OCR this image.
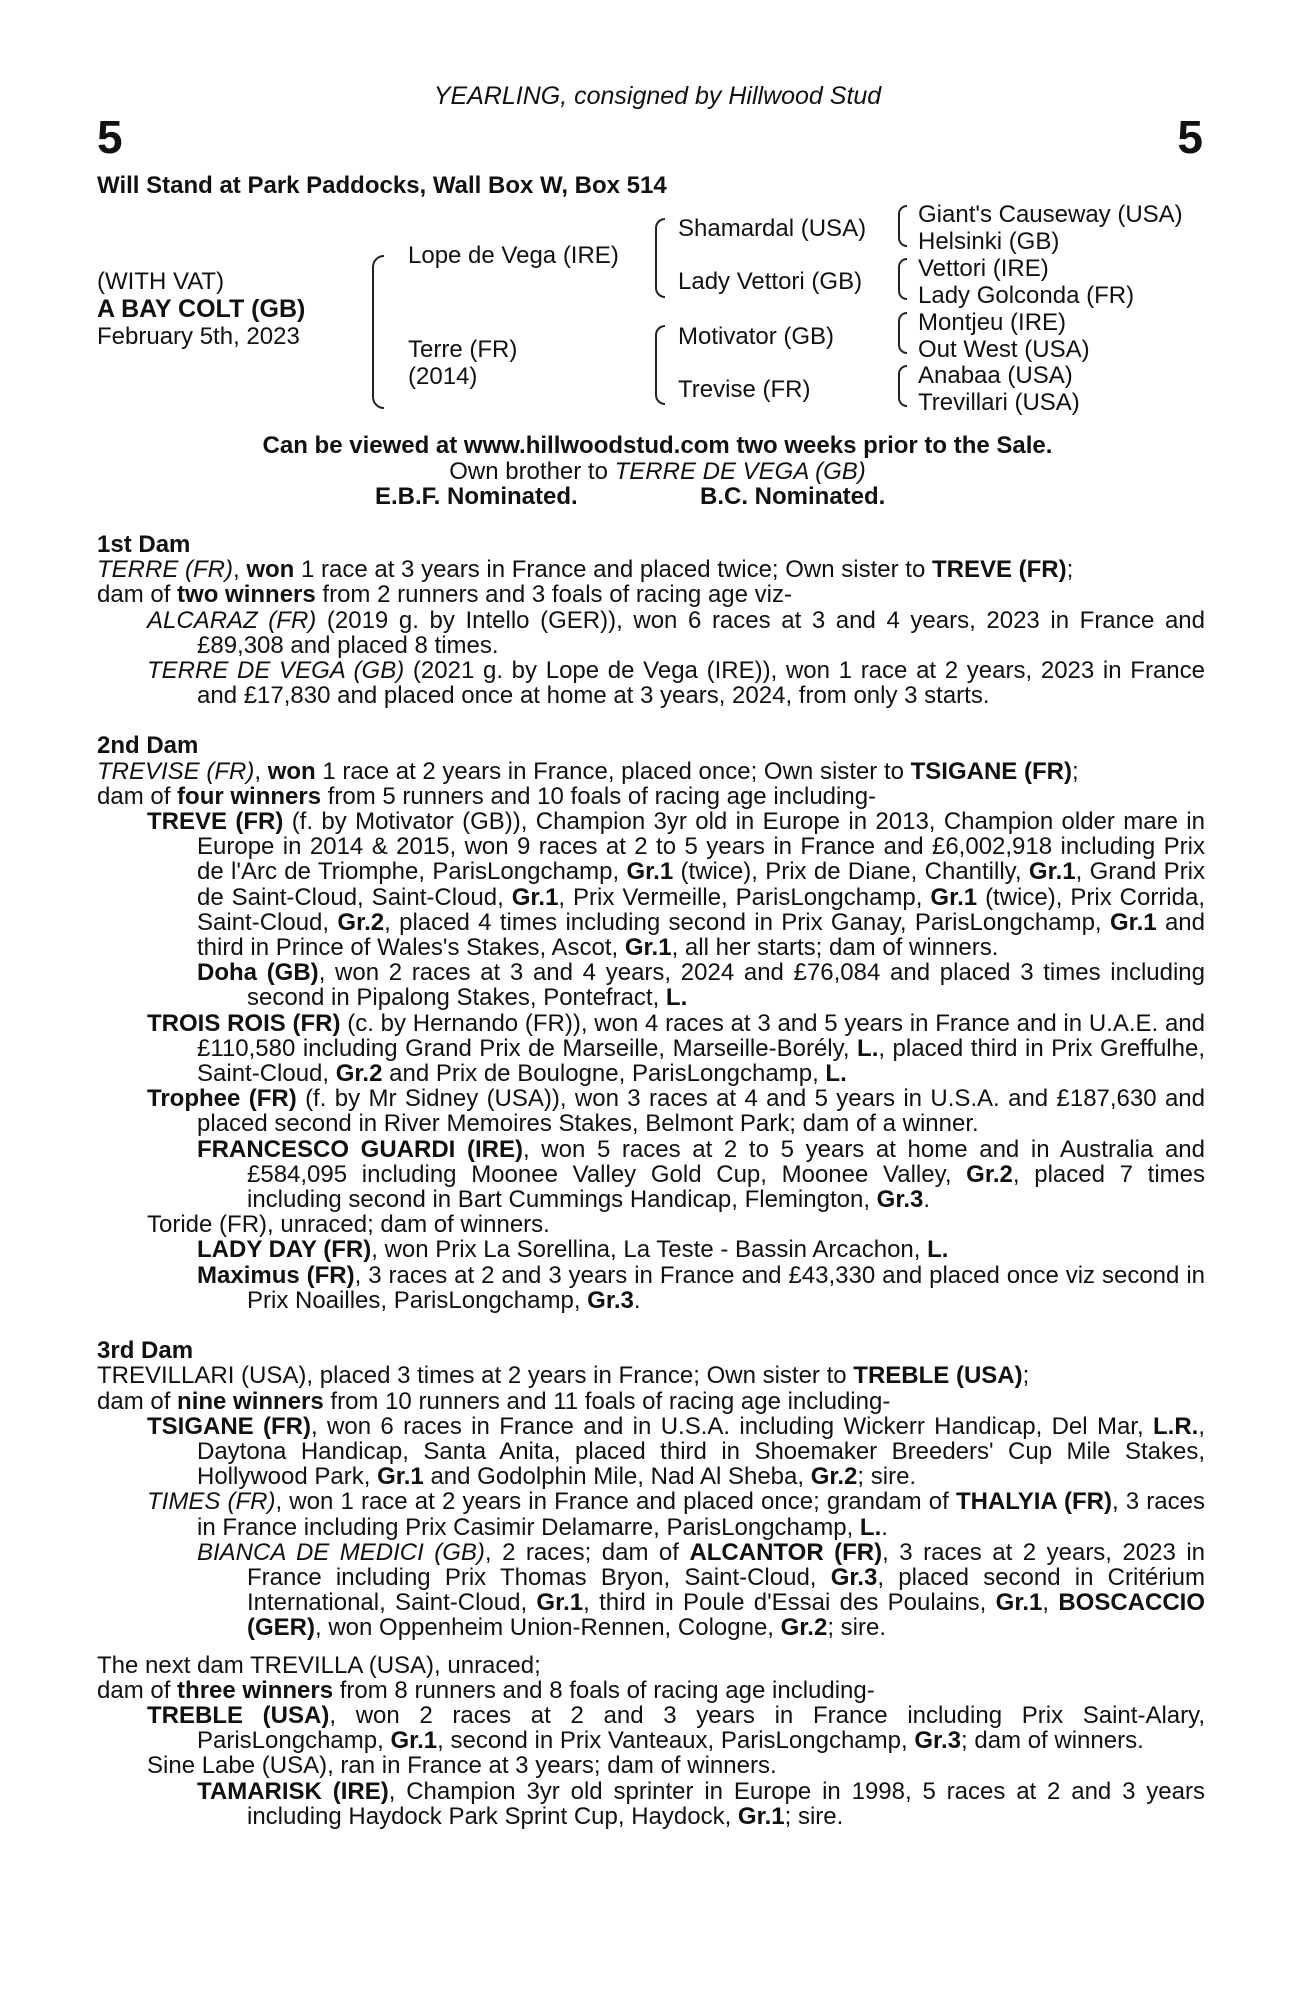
YEARLING, consigned by Hillwood Stud
5	5
Will Stand at Park Paddocks, Wall Box W, Box 514
(WITH VAT)
A BAY COLT (GB)
February 5th, 2023
Lope de Vega (IRE)
Terre (FR)
(2014)
Shamardal (USA)
Lady Vettori (GB)
Motivator (GB)
Trevise (FR)
Giant's Causeway (USA)
Helsinki (GB)
Vettori (IRE)
Lady Golconda (FR)
Montjeu (IRE)
Out West (USA)
Anabaa (USA)
Trevillari (USA)
Can be viewed at www.hillwoodstud.com two weeks prior to the Sale.
Own brother to TERRE DE VEGA (GB)
E.B.F. Nominated.	B.C. Nominated.

1st Dam

TERRE (FR), won 1 race at 3 years in France and placed twice; Own sister to TREVE (FR);

dam of two winners from 2 runners and 3 foals of racing age viz-

ALCARAZ (FR) (2019 g. by Intello (GER)), won 6 races at 3 and 4 years, 2023 in France and £89,308 and placed 8 times.

TERRE DE VEGA (GB) (2021 g. by Lope de Vega (IRE)), won 1 race at 2 years, 2023 in France and £17,830 and placed once at home at 3 years, 2024, from only 3 starts.

2nd Dam

TREVISE (FR), won 1 race at 2 years in France, placed once; Own sister to TSIGANE (FR);

dam of four winners from 5 runners and 10 foals of racing age including-

TREVE (FR) (f. by Motivator (GB)), Champion 3yr old in Europe in 2013, Champion older mare in Europe in 2014 & 2015, won 9 races at 2 to 5 years in France and £6,002,918 including Prix de l'Arc de Triomphe, ParisLongchamp, Gr.1 (twice), Prix de Diane, Chantilly, Gr.1, Grand Prix de Saint-Cloud, Saint-Cloud, Gr.1, Prix Vermeille, ParisLongchamp, Gr.1 (twice), Prix Corrida, Saint-Cloud, Gr.2, placed 4 times including second in Prix Ganay, ParisLongchamp, Gr.1 and third in Prince of Wales's Stakes, Ascot, Gr.1, all her starts; dam of winners.

Doha (GB), won 2 races at 3 and 4 years, 2024 and £76,084 and placed 3 times including second in Pipalong Stakes, Pontefract, L.

TROIS ROIS (FR) (c. by Hernando (FR)), won 4 races at 3 and 5 years in France and in U.A.E. and £110,580 including Grand Prix de Marseille, Marseille-Borély, L., placed third in Prix Greffulhe, Saint-Cloud, Gr.2 and Prix de Boulogne, ParisLongchamp, L.

Trophee (FR) (f. by Mr Sidney (USA)), won 3 races at 4 and 5 years in U.S.A. and £187,630 and placed second in River Memoires Stakes, Belmont Park; dam of a winner.

FRANCESCO GUARDI (IRE), won 5 races at 2 to 5 years at home and in Australia and £584,095 including Moonee Valley Gold Cup, Moonee Valley, Gr.2, placed 7 times including second in Bart Cummings Handicap, Flemington, Gr.3.

Toride (FR), unraced; dam of winners.

LADY DAY (FR), won Prix La Sorellina, La Teste - Bassin Arcachon, L.

Maximus (FR), 3 races at 2 and 3 years in France and £43,330 and placed once viz second in Prix Noailles, ParisLongchamp, Gr.3.

3rd Dam

TREVILLARI (USA), placed 3 times at 2 years in France; Own sister to TREBLE (USA);

dam of nine winners from 10 runners and 11 foals of racing age including-

TSIGANE (FR), won 6 races in France and in U.S.A. including Wickerr Handicap, Del Mar, L.R., Daytona Handicap, Santa Anita, placed third in Shoemaker Breeders' Cup Mile Stakes, Hollywood Park, Gr.1 and Godolphin Mile, Nad Al Sheba, Gr.2; sire.

TIMES (FR), won 1 race at 2 years in France and placed once; grandam of THALYIA (FR), 3 races in France including Prix Casimir Delamarre, ParisLongchamp, L..

BIANCA DE MEDICI (GB), 2 races; dam of ALCANTOR (FR), 3 races at 2 years, 2023 in France including Prix Thomas Bryon, Saint-Cloud, Gr.3, placed second in Critérium International, Saint-Cloud, Gr.1, third in Poule d'Essai des Poulains, Gr.1, BOSCACCIO (GER), won Oppenheim Union-Rennen, Cologne, Gr.2; sire.

The next dam TREVILLA (USA), unraced;

dam of three winners from 8 runners and 8 foals of racing age including-

TREBLE (USA), won 2 races at 2 and 3 years in France including Prix Saint-Alary, ParisLongchamp, Gr.1, second in Prix Vanteaux, ParisLongchamp, Gr.3; dam of winners.

Sine Labe (USA), ran in France at 3 years; dam of winners.

TAMARISK (IRE), Champion 3yr old sprinter in Europe in 1998, 5 races at 2 and 3 years including Haydock Park Sprint Cup, Haydock, Gr.1; sire.
